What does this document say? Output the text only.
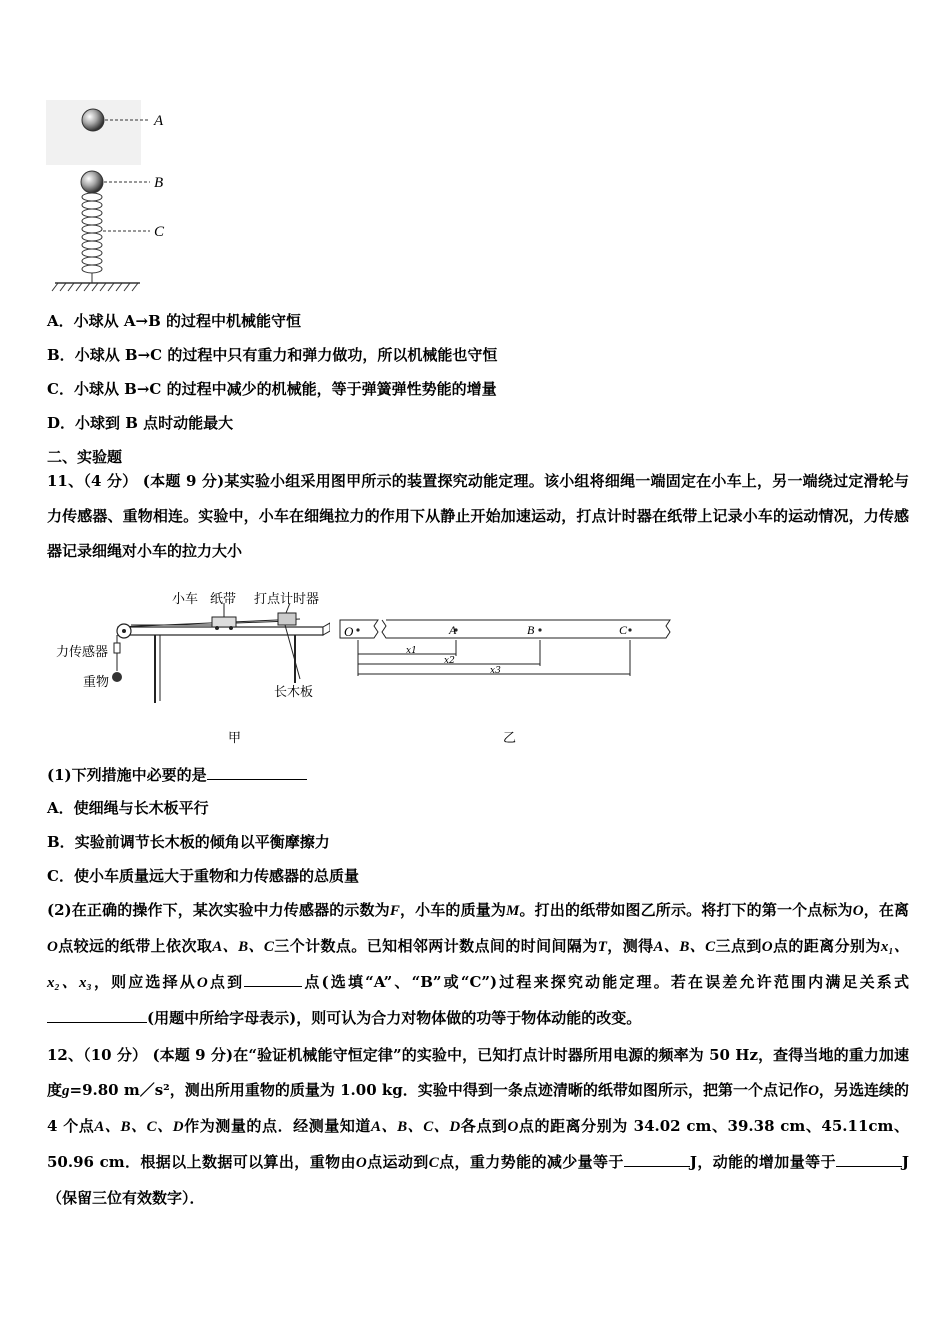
A
B
C
A．小球从 A→B 的过程中机械能守恒
B．小球从 B→C 的过程中只有重力和弹力做功，所以机械能也守恒
C．小球从 B→C 的过程中减少的机械能，等于弹簧弹性势能的增量
D．小球到 B 点时动能最大
二、实验题
11、（4 分） (本题 9 分)某实验小组采用图甲所示的装置探究动能定理。该小组将细绳一端固定在小车上，另一端绕过定滑轮与力传感器、重物相连。实验中，小车在细绳拉力的作用下从静止开始加速运动，打点计时器在纸带上记录小车的运动情况，力传感器记录细绳对小车的拉力大小
小车 纸带 打点计时器
力传感器
重物
长木板
甲
O	A	B	C
x1
x2
x3
乙
(1)下列措施中必要的是
A．使细绳与长木板平行
B．实验前调节长木板的倾角以平衡摩擦力
C．使小车质量远大于重物和力传感器的总质量
(2)在正确的操作下，某次实验中力传感器的示数为F，小车的质量为M。打出的纸带如图乙所示。将打下的第一个点标为O，在离O点较远的纸带上依次取A、B、C三个计数点。已知相邻两计数点间的时间间隔为T，测得A、B、C三点到O点的距离分别为x₁、x₂、x₃，则应选择从O点到	点(选填“A”、“B”或“C”)过程来探究动能定理。若在误差允许范围内满足关系式(用题中所给字母表示)，则可认为合力对物体做的功等于物体动能的改变。
12、（10 分） (本题 9 分)在“验证机械能守恒定律”的实验中，已知打点计时器所用电源的频率为 50 Hz，查得当地的重力加速度g=9.80 m／s²，测出所用重物的质量为 1.00 kg．实验中得到一条点迹清晰的纸带如图所示，把第一个点记作O，另选连续的 4 个点A、B、C、D作为测量的点．经测量知道A、B、C、D各点到O点的距离分别为 34.02 cm、39.38 cm、45.11cm、50.96 cm．根据以上数据可以算出，重物由O点运动到C点，重力势能的减少量等于	J，动能的增加量等于	J（保留三位有效数字）．
